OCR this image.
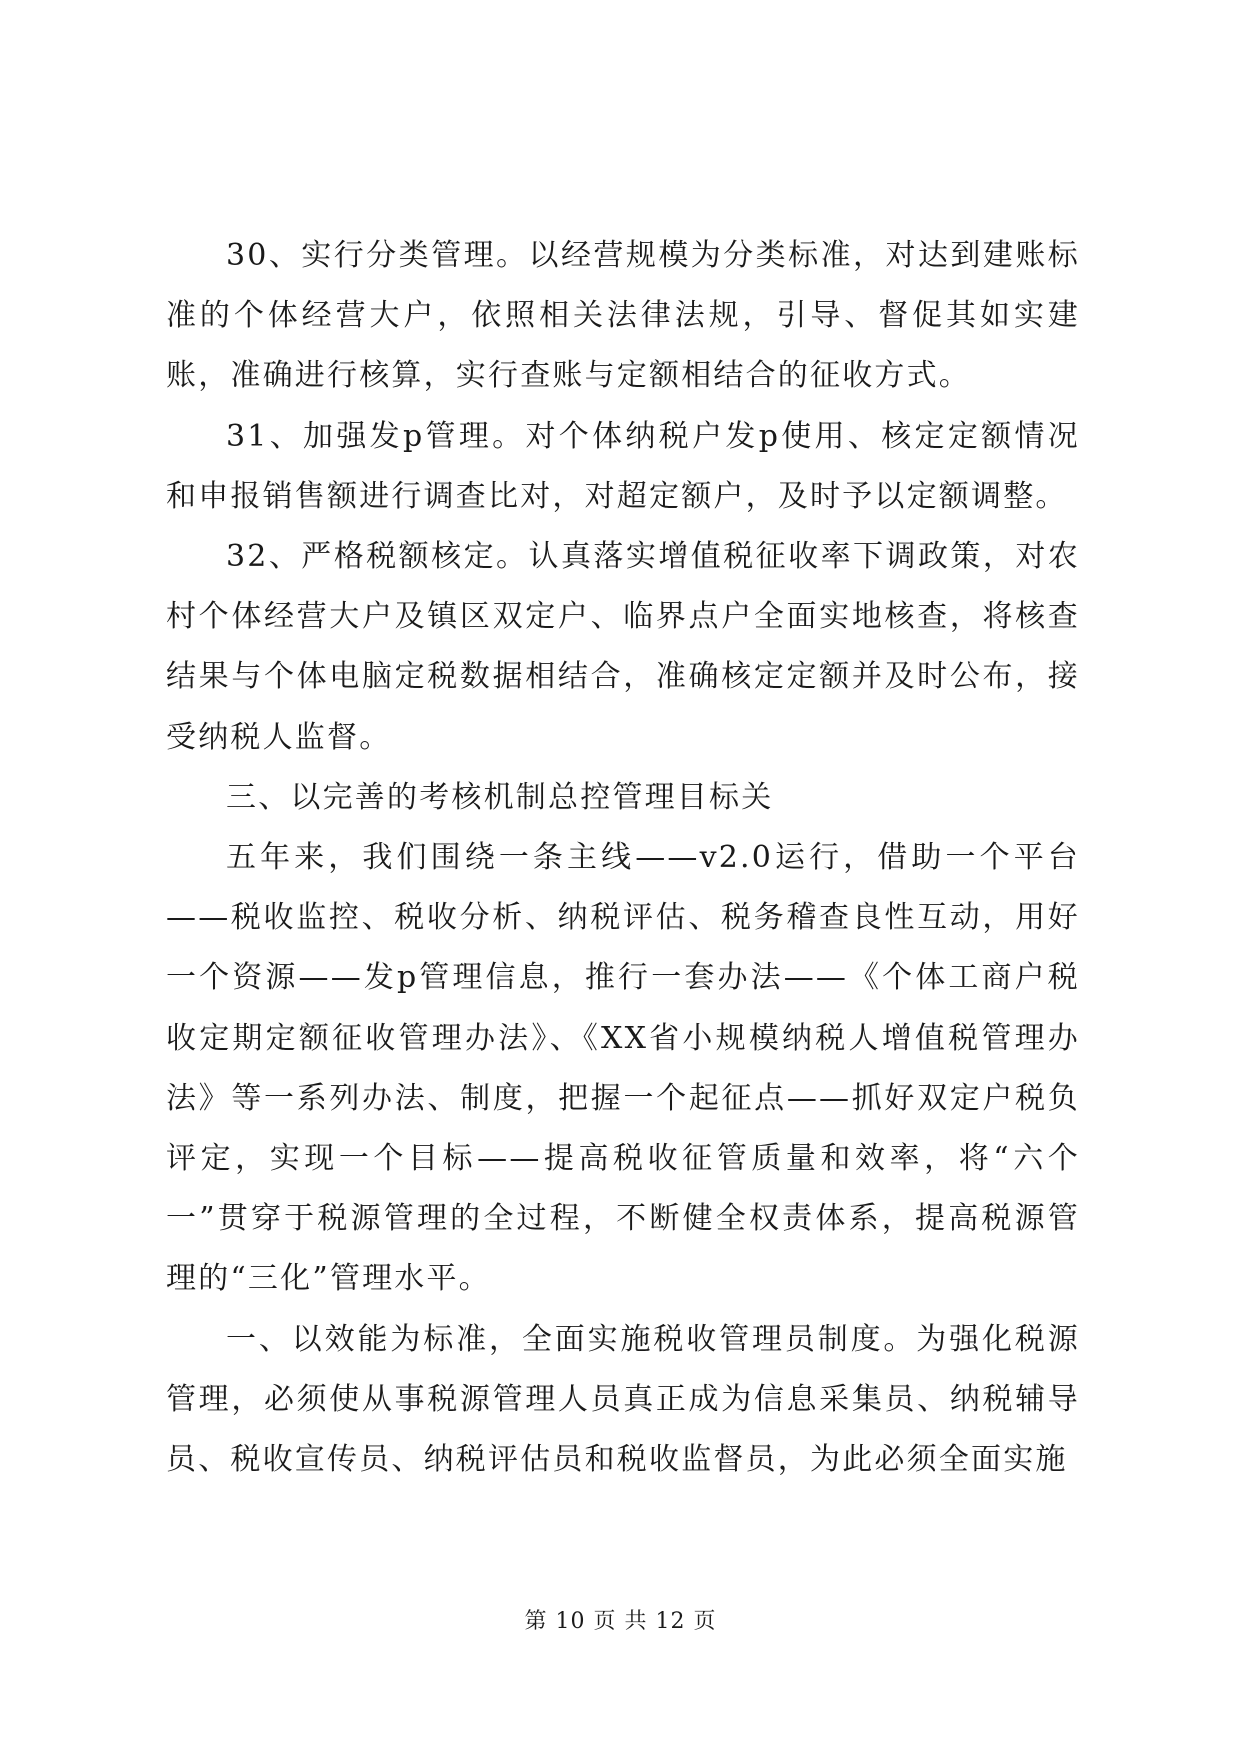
30、实行分类管理。以经营规模为分类标准，对达到建账标准的个体经营大户，依照相关法律法规，引导、督促其如实建账，准确进行核算，实行查账与定额相结合的征收方式。

31、加强发p管理。对个体纳税户发p使用、核定定额情况和申报销售额进行调查比对，对超定额户，及时予以定额调整。

32、严格税额核定。认真落实增值税征收率下调政策，对农村个体经营大户及镇区双定户、临界点户全面实地核查，将核查结果与个体电脑定税数据相结合，准确核定定额并及时公布，接受纳税人监督。

三、以完善的考核机制总控管理目标关

五年来，我们围绕一条主线——v2.0运行，借助一个平台——税收监控、税收分析、纳税评估、税务稽查良性互动，用好一个资源——发p管理信息，推行一套办法——《个体工商户税收定期定额征收管理办法》、《XX省小规模纳税人增值税管理办法》等一系列办法、制度，把握一个起征点——抓好双定户税负评定，实现一个目标——提高税收征管质量和效率，将“六个一”贯穿于税源管理的全过程，不断健全权责体系，提高税源管理的“三化”管理水平。

一、以效能为标准，全面实施税收管理员制度。为强化税源管理，必须使从事税源管理人员真正成为信息采集员、纳税辅导员、税收宣传员、纳税评估员和税收监督员，为此必须全面实施

第 10 页 共 12 页
